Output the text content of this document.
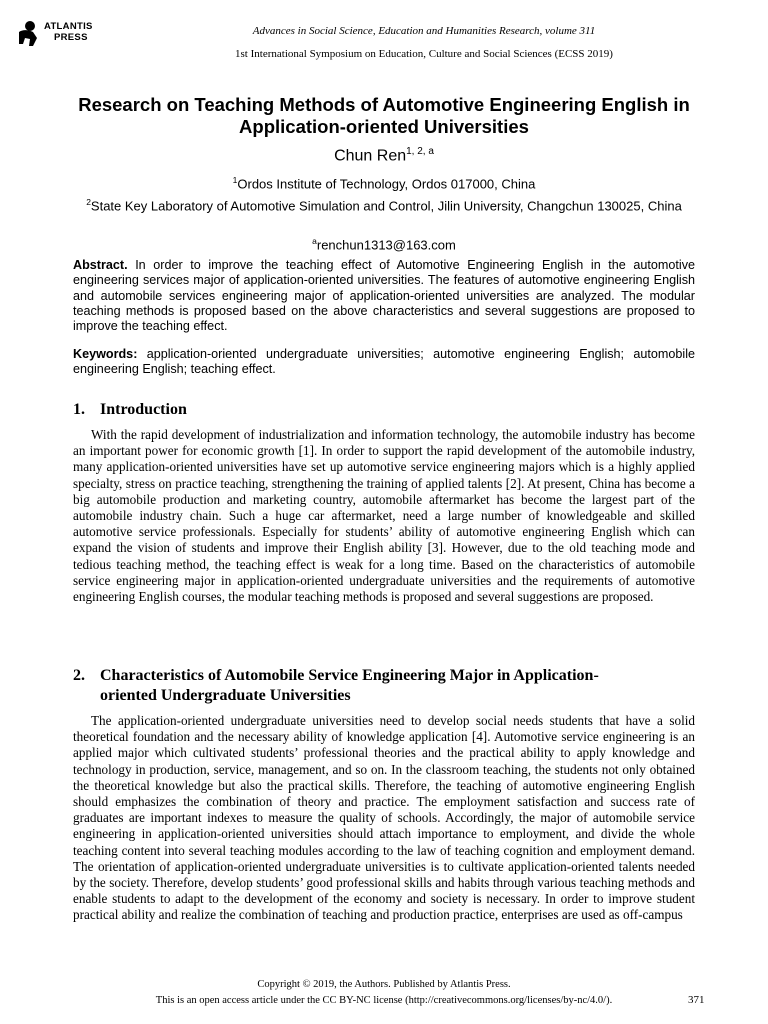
ATLANTIS
PRESS
Advances in Social Science, Education and Humanities Research, volume 311
1st International Symposium on Education, Culture and Social Sciences (ECSS 2019)
Research on Teaching Methods of Automotive Engineering English in Application-oriented Universities
Chun Ren$^{1, 2, a}$
$^1$Ordos Institute of Technology, Ordos 017000, China
$^2$State Key Laboratory of Automotive Simulation and Control, Jilin University, Changchun 130025, China
$^a$renchun1313@163.com

Abstract. In order to improve the teaching effect of Automotive Engineering English in the automotive engineering services major of application-oriented universities. The features of automotive engineering English and automobile services engineering major of application-oriented universities are analyzed. The modular teaching methods is proposed based on the above characteristics and several suggestions are proposed to improve the teaching effect.

Keywords: application-oriented undergraduate universities; automotive engineering English; automobile engineering English; teaching effect.

1. Introduction

With the rapid development of industrialization and information technology, the automobile industry has become an important power for economic growth [1]. In order to support the rapid development of the automobile industry, many application-oriented universities have set up automotive service engineering majors which is a highly applied specialty, stress on practice teaching, strengthening the training of applied talents [2]. At present, China has become a big automobile production and marketing country, automobile aftermarket has become the largest part of the automobile industry chain. Such a huge car aftermarket, need a large number of knowledgeable and skilled automotive service professionals. Especially for students’ ability of automotive engineering English which can expand the vision of students and improve their English ability [3]. However, due to the old teaching mode and tedious teaching method, the teaching effect is weak for a long time. Based on the characteristics of automobile service engineering major in application-oriented undergraduate universities and the requirements of automotive engineering English courses, the modular teaching methods is proposed and several suggestions are proposed.

2. Characteristics of Automobile Service Engineering Major in Application-
oriented Undergraduate Universities

The application-oriented undergraduate universities need to develop social needs students that have a solid theoretical foundation and the necessary ability of knowledge application [4]. Automotive service engineering is an applied major which cultivated students’ professional theories and the practical ability to apply knowledge and technology in production, service, management, and so on. In the classroom teaching, the students not only obtained the theoretical knowledge but also the practical skills. Therefore, the teaching of automotive engineering English should emphasizes the combination of theory and practice. The employment satisfaction and success rate of graduates are important indexes to measure the quality of schools. Accordingly, the major of automobile service engineering in application-oriented universities should attach importance to employment, and divide the whole teaching content into several teaching modules according to the law of teaching cognition and employment demand. The orientation of application-oriented undergraduate universities is to cultivate application-oriented talents needed by the society. Therefore, develop students’ good professional skills and habits through various teaching methods and enable students to adapt to the development of the economy and society is necessary. In order to improve student practical ability and realize the combination of teaching and production practice, enterprises are used as off-campus

Copyright © 2019, the Authors. Published by Atlantis Press.
This is an open access article under the CC BY-NC license (http://creativecommons.org/licenses/by-nc/4.0/).	371
